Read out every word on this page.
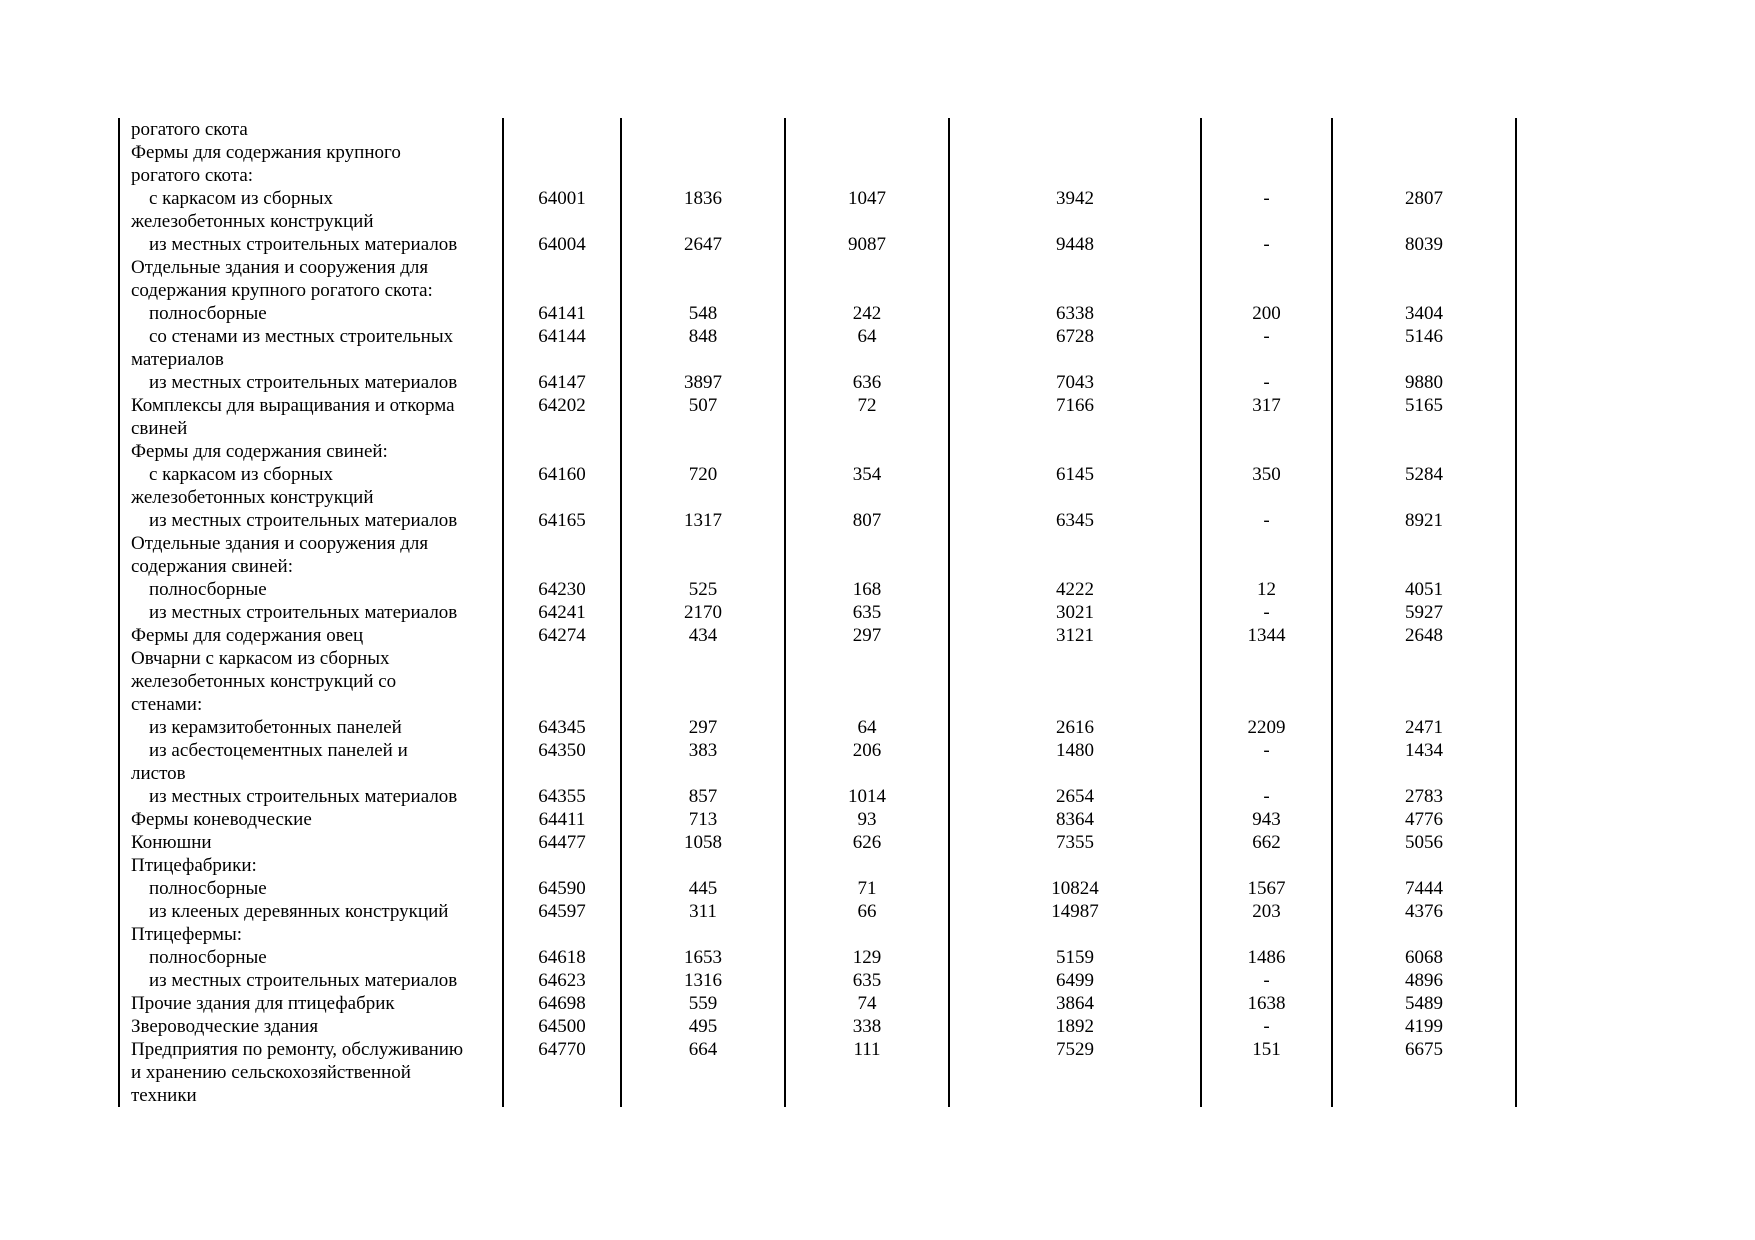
рогатого скота						

Фермы для содержания крупного
рогатого скота:						

с каркасом из сборных
железобетонных конструкций	64001	1836	1047	3942	-	2807

из местных строительных материалов	64004	2647	9087	9448	-	8039

Отдельные здания и сооружения для
содержания крупного рогатого скота:						

полносборные	64141	548	242	6338	200	3404

со стенами из местных строительных
материалов	64144	848	64	6728	-	5146

из местных строительных материалов	64147	3897	636	7043	-	9880

Комплексы для выращивания и откорма
свиней	64202	507	72	7166	317	5165

Фермы для содержания свиней:						

с каркасом из сборных
железобетонных конструкций	64160	720	354	6145	350	5284

из местных строительных материалов	64165	1317	807	6345	-	8921

Отдельные здания и сооружения для
содержания свиней:						

полносборные	64230	525	168	4222	12	4051

из местных строительных материалов	64241	2170	635	3021	-	5927

Фермы для содержания овец	64274	434	297	3121	1344	2648

Овчарни с каркасом из сборных
железобетонных конструкций со
стенами:						

из керамзитобетонных панелей	64345	297	64	2616	2209	2471

из асбестоцементных панелей и
листов	64350	383	206	1480	-	1434

из местных строительных материалов	64355	857	1014	2654	-	2783

Фермы коневодческие	64411	713	93	8364	943	4776

Конюшни	64477	1058	626	7355	662	5056

Птицефабрики:						

полносборные	64590	445	71	10824	1567	7444

из клееных деревянных конструкций	64597	311	66	14987	203	4376

Птицефермы:						

полносборные	64618	1653	129	5159	1486	6068

из местных строительных материалов	64623	1316	635	6499	-	4896

Прочие здания для птицефабрик	64698	559	74	3864	1638	5489

Звероводческие здания	64500	495	338	1892	-	4199

Предприятия по ремонту, обслуживанию
и хранению сельскохозяйственной
техники	64770	664	111	7529	151	6675
